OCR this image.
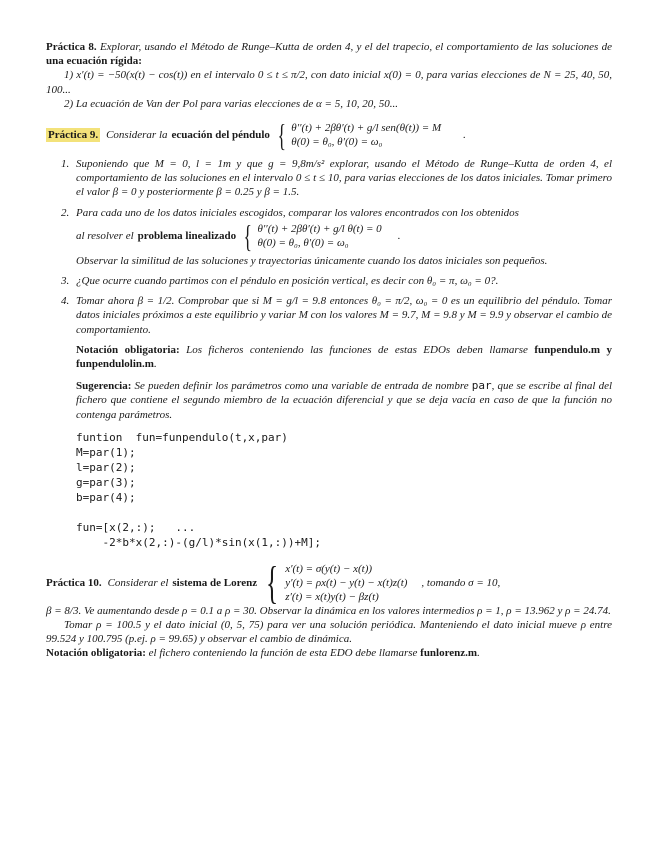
Práctica 8. Explorar, usando el Método de Runge–Kutta de orden 4, y el del trapecio, el comportamiento de las soluciones de una ecuación rígida:

1) x′(t) = −50(x(t) − cos(t)) en el intervalo 0 ≤ t ≤ π/2, con dato inicial x(0) = 0, para varias elecciones de N = 25, 40, 50, 100...

2) La ecuación de Van der Pol para varias elecciones de α = 5, 10, 20, 50...

Práctica 9. Considerar la ecuación del péndulo { θ′′(t) + 2βθ′(t) + g/l sen(θ(t)) = M
θ(0) = θ₀, θ′(0) = ω₀
.
1. Suponiendo que M = 0, l = 1m y que g = 9,8m/s² explorar, usando el Método de Runge–Kutta de orden 4, el comportamiento de las soluciones en el intervalo 0 ≤ t ≤ 10, para varias elecciones de los datos iniciales. Tomar primero el valor β = 0 y posteriormente β = 0.25 y β = 1.5.
2. Para cada uno de los datos iniciales escogidos, comparar los valores encontrados con los obtenidos
al resolver el problema linealizado { θ′′(t) + 2βθ′(t) + g/l θ(t) = 0
θ(0) = θ₀, θ′(0) = ω₀
.

Observar la similitud de las soluciones y trayectorias únicamente cuando los datos iniciales son pequeños.

3. ¿Que ocurre cuando partimos con el péndulo en posición vertical, es decir con θ₀ = π, ω₀ = 0?.
4. Tomar ahora β = 1/2. Comprobar que si M = g/l = 9.8 entonces θ₀ = π/2, ω₀ = 0 es un equilibrio del péndulo. Tomar datos iniciales próximos a este equilibrio y variar M con los valores M = 9.7, M = 9.8 y M = 9.9 y observar el cambio de comportamiento.

Notación obligatoria: Los ficheros conteniendo las funciones de estas EDOs deben llamarse funpendulo.m y funpendulolin.m.

Sugerencia: Se pueden definir los parámetros como una variable de entrada de nombre par, que se escribe al final del fichero que contiene el segundo miembro de la ecuación diferencial y que se deja vacía en caso de que la función no contenga parámetros.

funtion  fun=funpendulo(t,x,par)
M=par(1);
l=par(2);
g=par(3);
b=par(4);

fun=[x(2,:);   ...
-2*b*x(2,:)-(g/l)*sin(x(1,:))+M];
Práctica 10. Considerar el sistema de Lorenz { x′(t) = σ(y(t) − x(t))
y′(t) = ρx(t) − y(t) − x(t)z(t)
z′(t) = x(t)y(t) − βz(t)
, tomando σ = 10,

β = 8/3. Ve aumentando desde ρ = 0.1 a ρ = 30. Observar la dinámica en los valores intermedios ρ = 1, ρ = 13.962 y ρ = 24.74.

Tomar ρ = 100.5 y el dato inicial (0, 5, 75) para ver una solución periódica. Manteniendo el dato inicial mueve ρ entre 99.524 y 100.795 (p.ej. ρ = 99.65) y observar el cambio de dinámica.

Notación obligatoria: el fichero conteniendo la función de esta EDO debe llamarse funlorenz.m.
